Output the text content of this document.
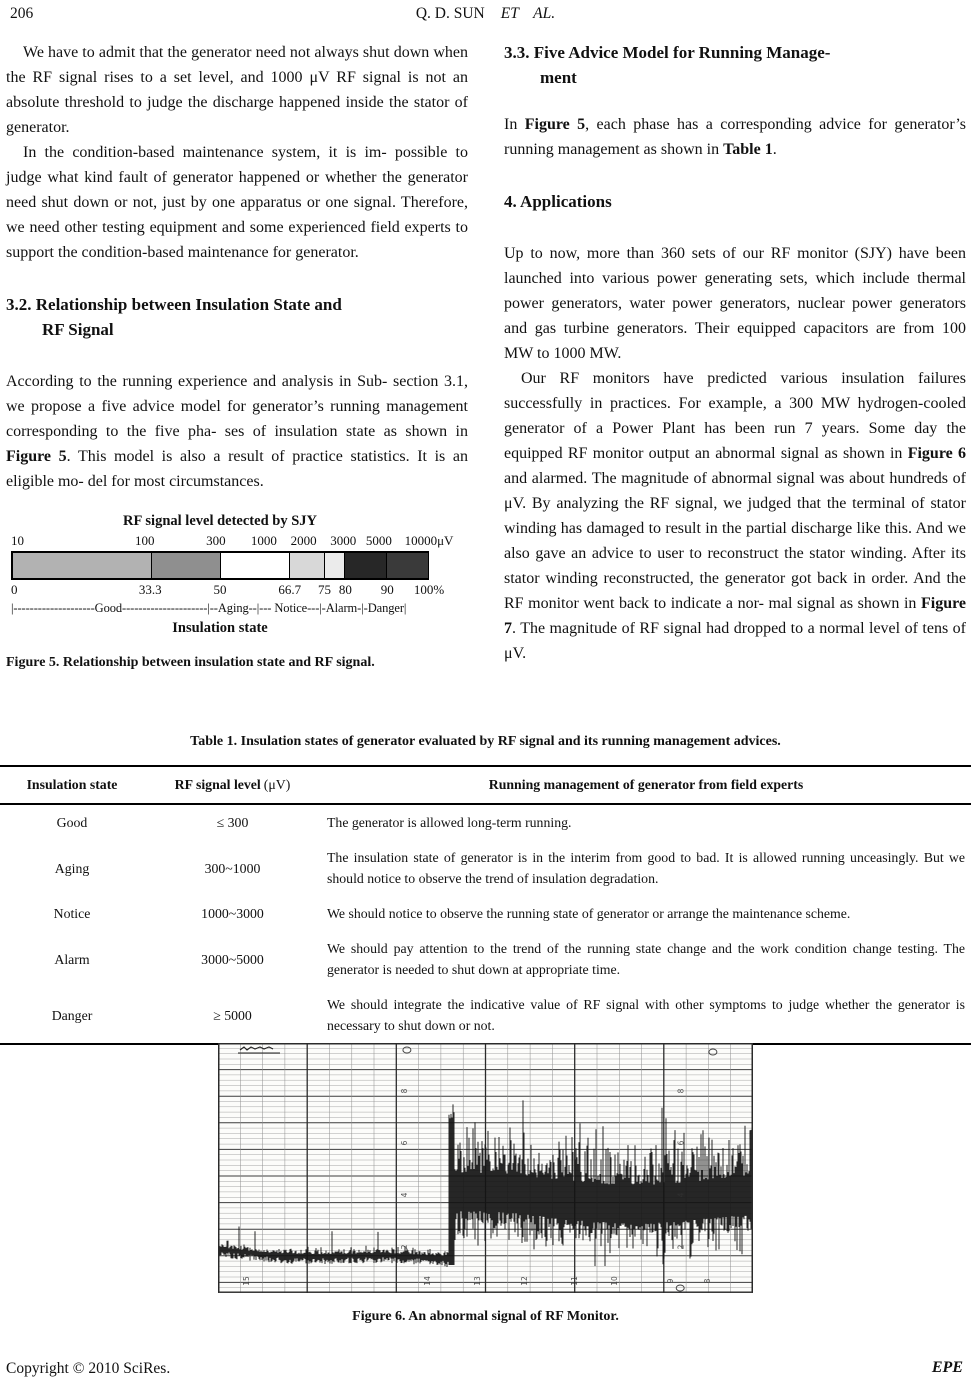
206	Q. D. SUN ET AL.

We have to admit that the generator need not always shut down when the RF signal rises to a set level, and 1000 μV RF signal is not an absolute threshold to judge the discharge happened inside the stator of generator.

In the condition-based maintenance system, it is im- possible to judge what kind fault of generator happened or whether the generator need shut down or not, just by one apparatus or one signal. Therefore, we need other testing equipment and some experienced field experts to support the condition-based maintenance for generator.

3.2. Relationship between Insulation State and
RF Signal

According to the running experience and analysis in Sub- section 3.1, we propose a five advice model for generator’s running management corresponding to the five pha- ses of insulation state as shown in Figure 5. This model is also a result of practice statistics. It is an eligible mo- del for most circumstances.

RF signal level detected by SJY
10	100	300 1000 2000 3000 5000 10000μV
0	33.3	50	66.7 75 80 90 100%
|--------------------Good---------------------|--Aging--|--- Notice---|-Alarm-|-Danger|
Insulation state
Figure 5. Relationship between insulation state and RF signal.
3.3. Five Advice Model for Running Manage-
ment

In Figure 5, each phase has a corresponding advice for generator’s running management as shown in Table 1.

4. Applications

Up to now, more than 360 sets of our RF monitor (SJY) have been launched into various power generating sets, which include thermal power generators, water power generators, nuclear power generators and gas turbine generators. Their equipped capacitors are from 100 MW to 1000 MW.

Our RF monitors have predicted various insulation failures successfully in practices. For example, a 300 MW hydrogen-cooled generator of a Power Plant has been run 7 years. Some day the equipped RF monitor output an abnormal signal as shown in Figure 6 and alarmed. The magnitude of abnormal signal was about hundreds of μV. By analyzing the RF signal, we judged that the terminal of stator winding has damaged to result in the partial discharge like this. And we also gave an advice to user to reconstruct the stator winding. After its stator winding reconstructed, the generator got back in order. And the RF monitor went back to indicate a nor- mal signal as shown in Figure 7. The magnitude of RF signal had dropped to a normal level of tens of μV.

Table 1. Insulation states of generator evaluated by RF signal and its running management advices.
Insulation state	RF signal level (μV)	Running management of generator from field experts
Good	≤ 300	The generator is allowed long-term running.
Aging	300~1000	The insulation state of generator is in the interim from good to bad. It is allowed running unceasingly. But we should notice to observe the trend of insulation degradation.
Notice	1000~3000	We should notice to observe the running state of generator or arrange the maintenance scheme.
Alarm	3000~5000	We should pay attention to the trend of the running state change and the work condition change testing. The generator is needed to shut down at appropriate time.
Danger	≥ 5000	We should integrate the indicative value of RF signal with other symptoms to judge whether the generator is necessary to shut down or not.
15	14	13	12	11	10	9	8
8
6
4
2
8
6
4
2
Figure 6. An abnormal signal of RF Monitor.
Copyright © 2010 SciRes.	EPE
